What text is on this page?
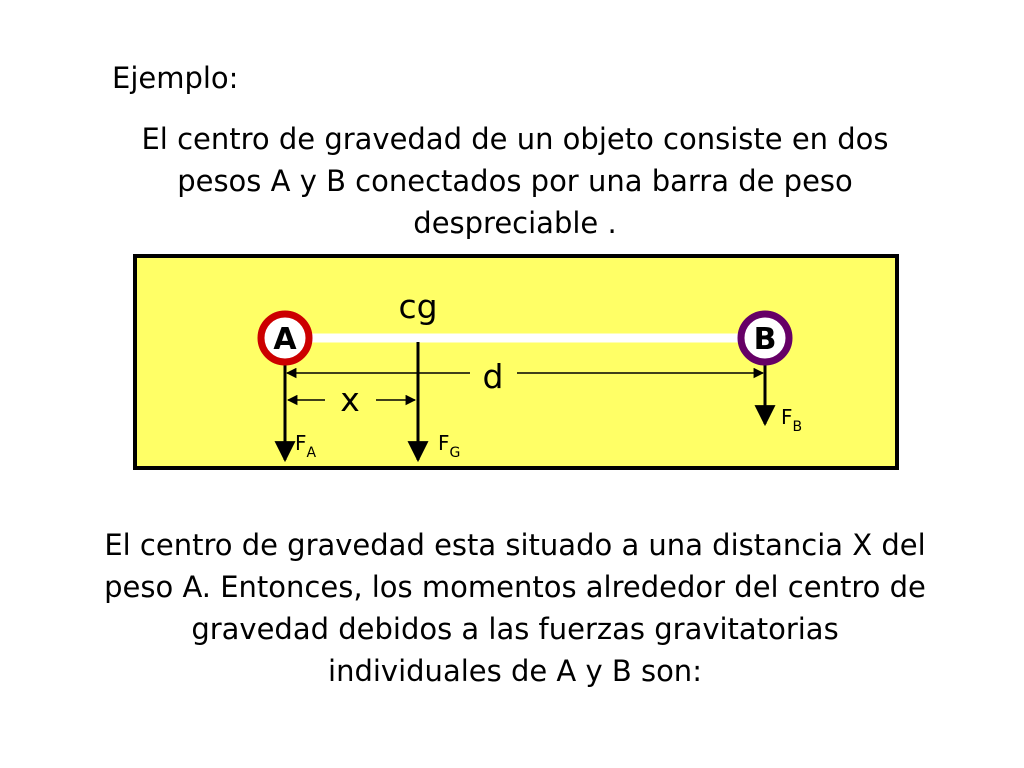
Ejemplo:

El centro de gravedad de un objeto consiste en dos pesos A y B conectados por una barra de peso despreciable .

A	B
cg
d
x
$F_A$	$F_G$
$F_B$

El centro de gravedad esta situado a una distancia X del peso A. Entonces, los momentos alrededor del centro de gravedad debidos a las fuerzas gravitatorias individuales de A y B son:
